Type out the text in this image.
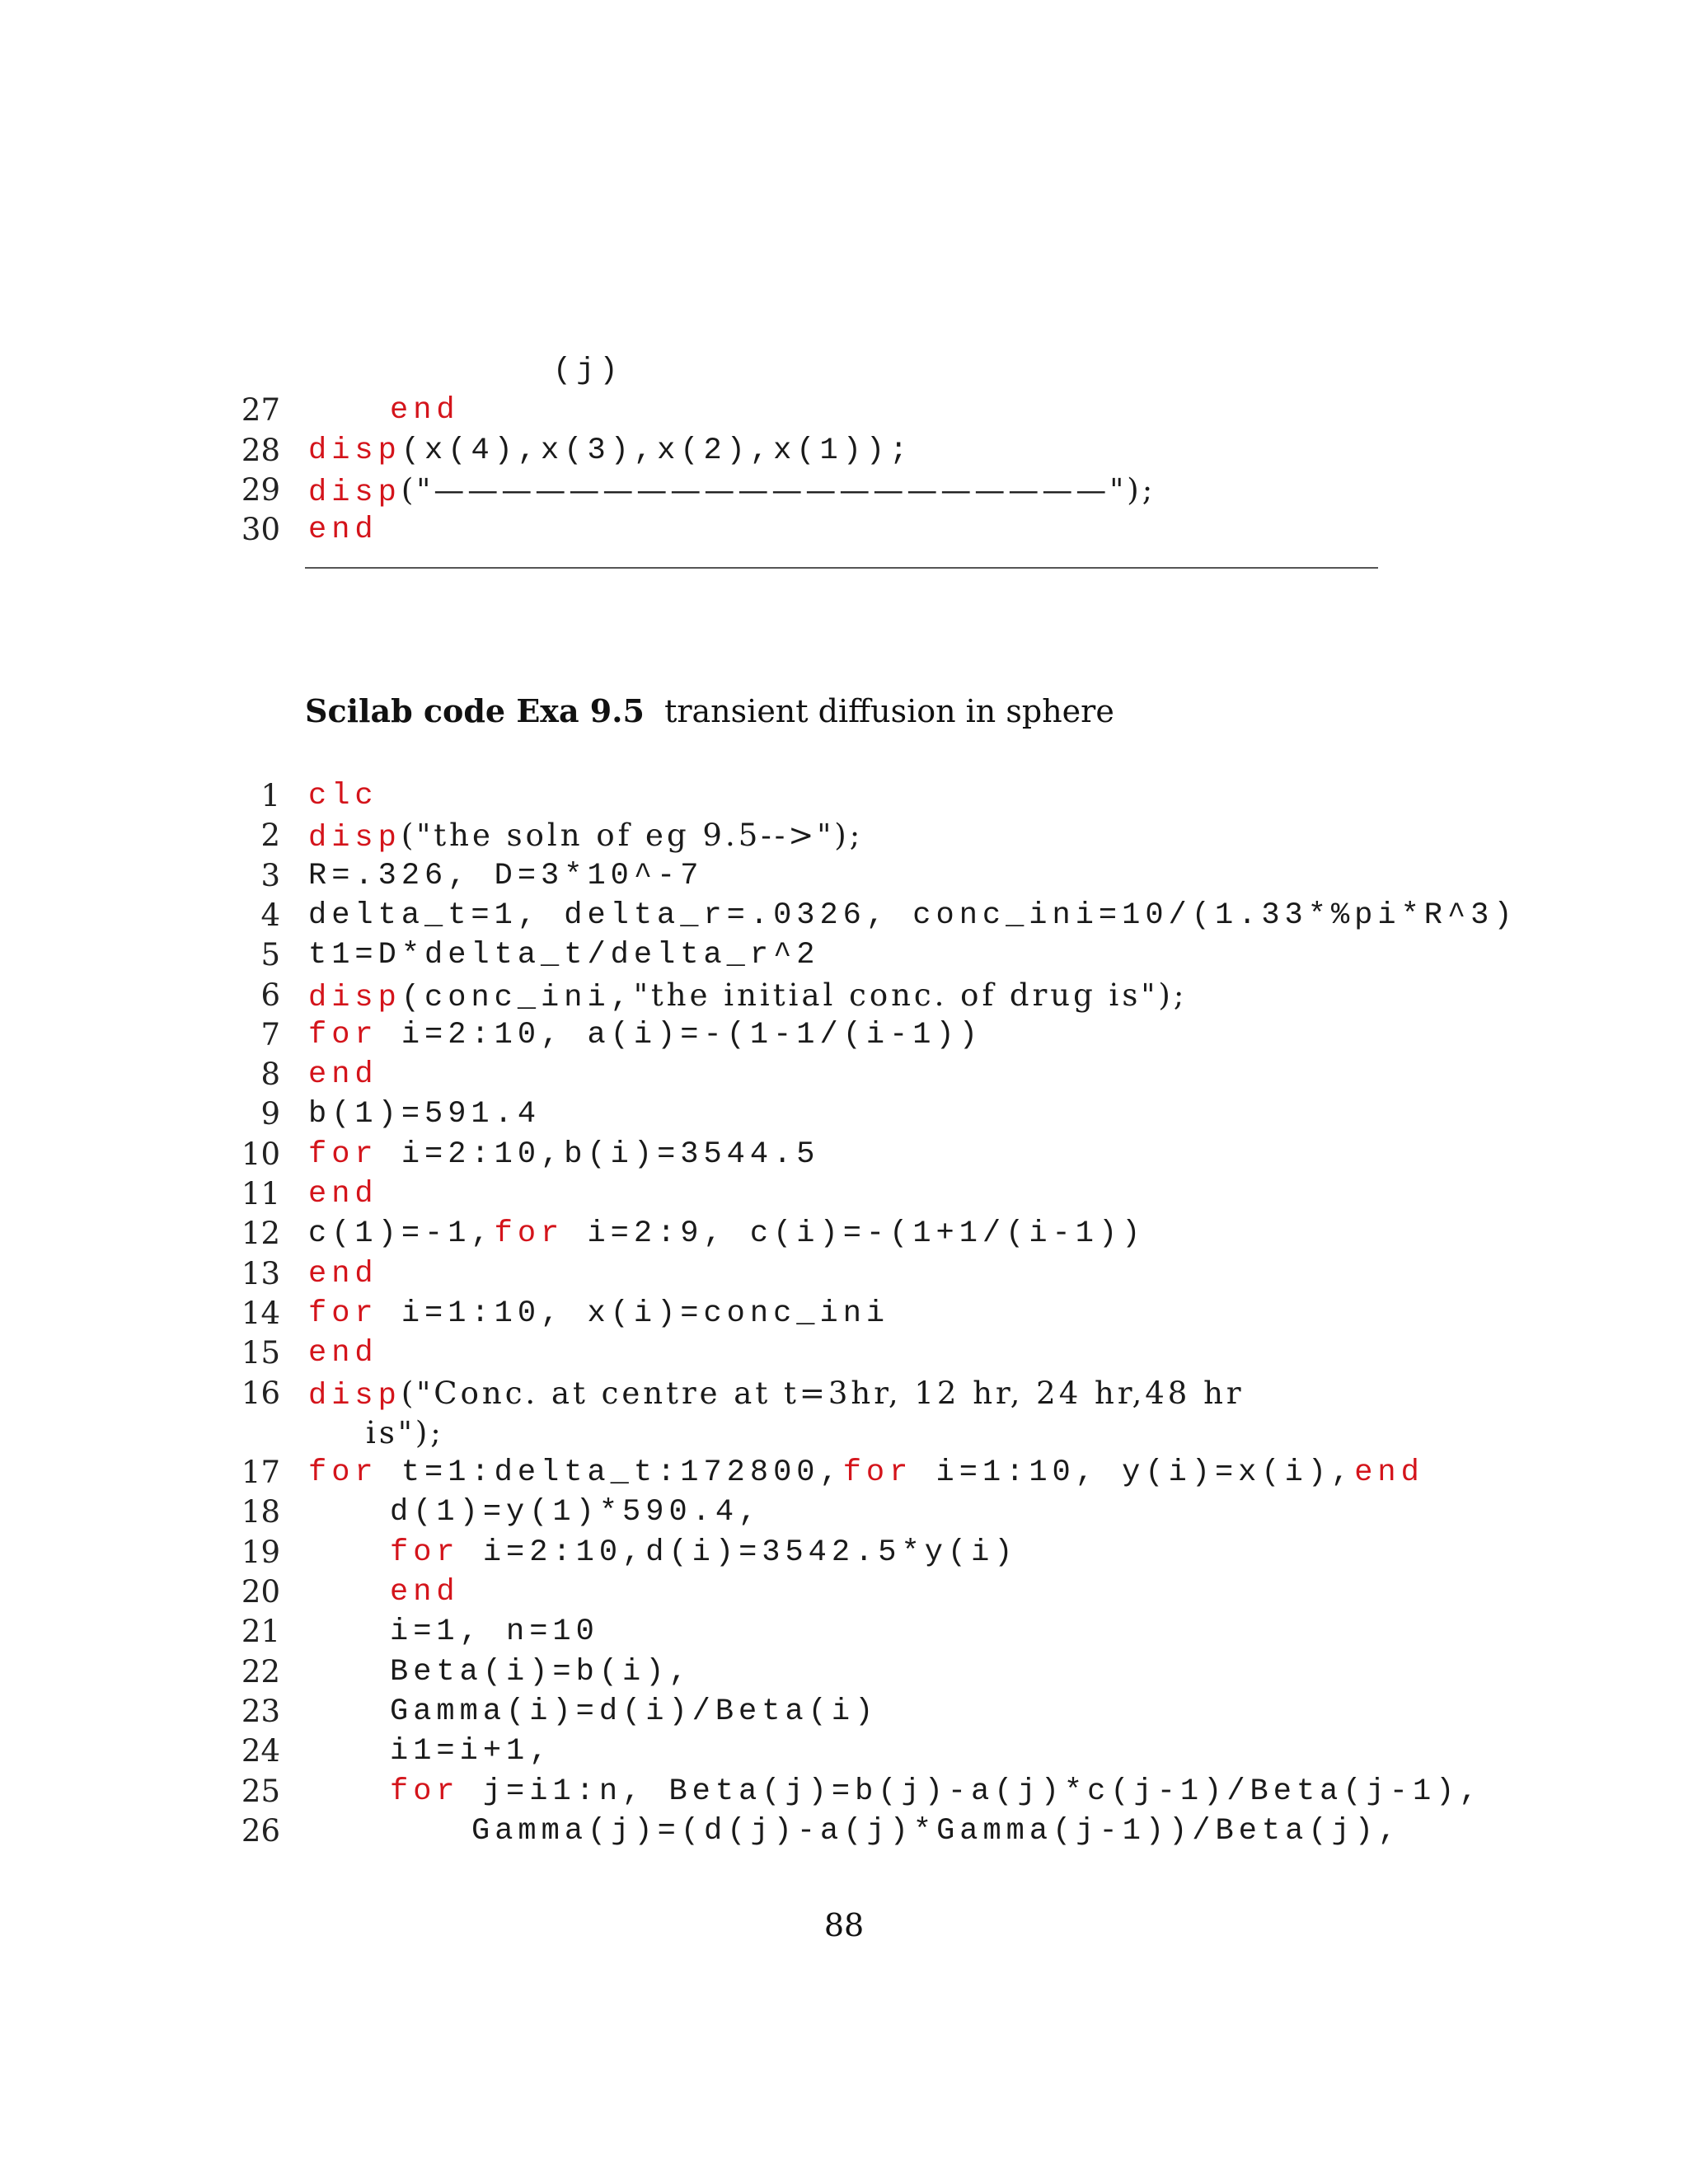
(j)
27	end
28 disp(x(4),x(3),x(2),x(1));
29 disp("————————————————————");
30 end
Scilab code Exa 9.5 transient diffusion in sphere
1 clc
2 disp("the soln of eg 9.5-->");
3 R=.326, D=3*10^-7
4 delta_t=1, delta_r=.0326, conc_ini=10/(1.33*%pi*R^3)
5 t1=D*delta_t/delta_r^2
6 disp(conc_ini,"the initial conc. of drug is");
7 for i=2:10, a(i)=-(1-1/(i-1))
8 end
9 b(1)=591.4
10 for i=2:10,b(i)=3544.5
11 end
12 c(1)=-1,for i=2:9, c(i)=-(1+1/(i-1))
13 end
14 for i=1:10, x(i)=conc_ini
15 end
16 disp("Conc. at centre at t=3hr, 12 hr, 24 hr,48 hr
is");
17 for t=1:delta_t:172800,for i=1:10, y(i)=x(i),end
18	d(1)=y(1)*590.4,
19	for i=2:10,d(i)=3542.5*y(i)
20	end
21	i=1, n=10
22	Beta(i)=b(i),
23	Gamma(i)=d(i)/Beta(i)
24	i1=i+1,
25	for j=i1:n, Beta(j)=b(j)-a(j)*c(j-1)/Beta(j-1),
26	Gamma(j)=(d(j)-a(j)*Gamma(j-1))/Beta(j),
88
